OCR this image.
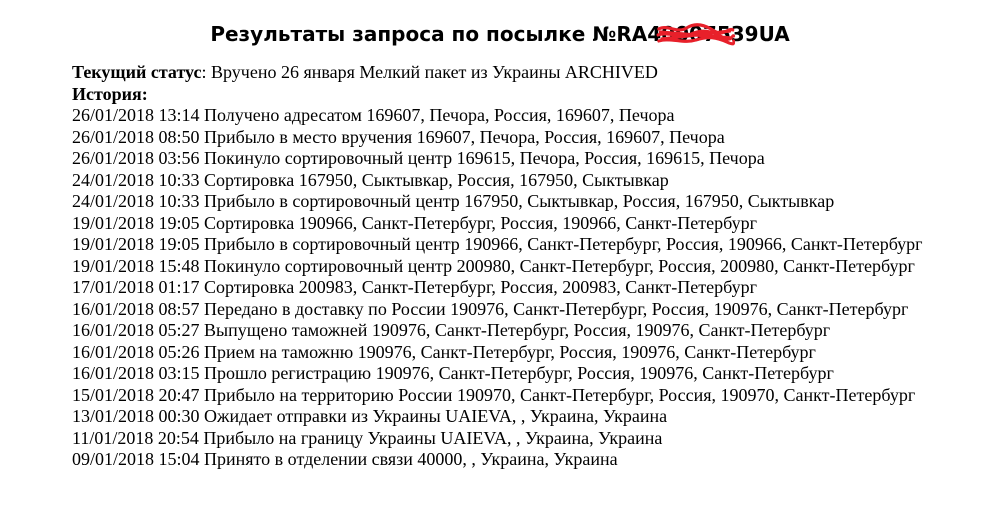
Результаты запроса по посылке №RA400075
39UA
Текущий статус: Вручено 26 января Мелкий пакет из Украины ARCHIVED
История:
26/01/2018 13:14 Получено адресатом 169607, Печора, Россия, 169607, Печора
26/01/2018 08:50 Прибыло в место вручения 169607, Печора, Россия, 169607, Печора
26/01/2018 03:56 Покинуло сортировочный центр 169615, Печора, Россия, 169615, Печора
24/01/2018 10:33 Сортировка 167950, Сыктывкар, Россия, 167950, Сыктывкар
24/01/2018 10:33 Прибыло в сортировочный центр 167950, Сыктывкар, Россия, 167950, Сыктывкар
19/01/2018 19:05 Сортировка 190966, Санкт-Петербург, Россия, 190966, Санкт-Петербург
19/01/2018 19:05 Прибыло в сортировочный центр 190966, Санкт-Петербург, Россия, 190966, Санкт-Петербург
19/01/2018 15:48 Покинуло сортировочный центр 200980, Санкт-Петербург, Россия, 200980, Санкт-Петербург
17/01/2018 01:17 Сортировка 200983, Санкт-Петербург, Россия, 200983, Санкт-Петербург
16/01/2018 08:57 Передано в доставку по России 190976, Санкт-Петербург, Россия, 190976, Санкт-Петербург
16/01/2018 05:27 Выпущено таможней 190976, Санкт-Петербург, Россия, 190976, Санкт-Петербург
16/01/2018 05:26 Прием на таможню 190976, Санкт-Петербург, Россия, 190976, Санкт-Петербург
16/01/2018 03:15 Прошло регистрацию 190976, Санкт-Петербург, Россия, 190976, Санкт-Петербург
15/01/2018 20:47 Прибыло на территорию России 190970, Санкт-Петербург, Россия, 190970, Санкт-Петербург
13/01/2018 00:30 Ожидает отправки из Украины UAIEVA, , Украина, Украина
11/01/2018 20:54 Прибыло на границу Украины UAIEVA, , Украина, Украина
09/01/2018 15:04 Принято в отделении связи 40000, , Украина, Украина
